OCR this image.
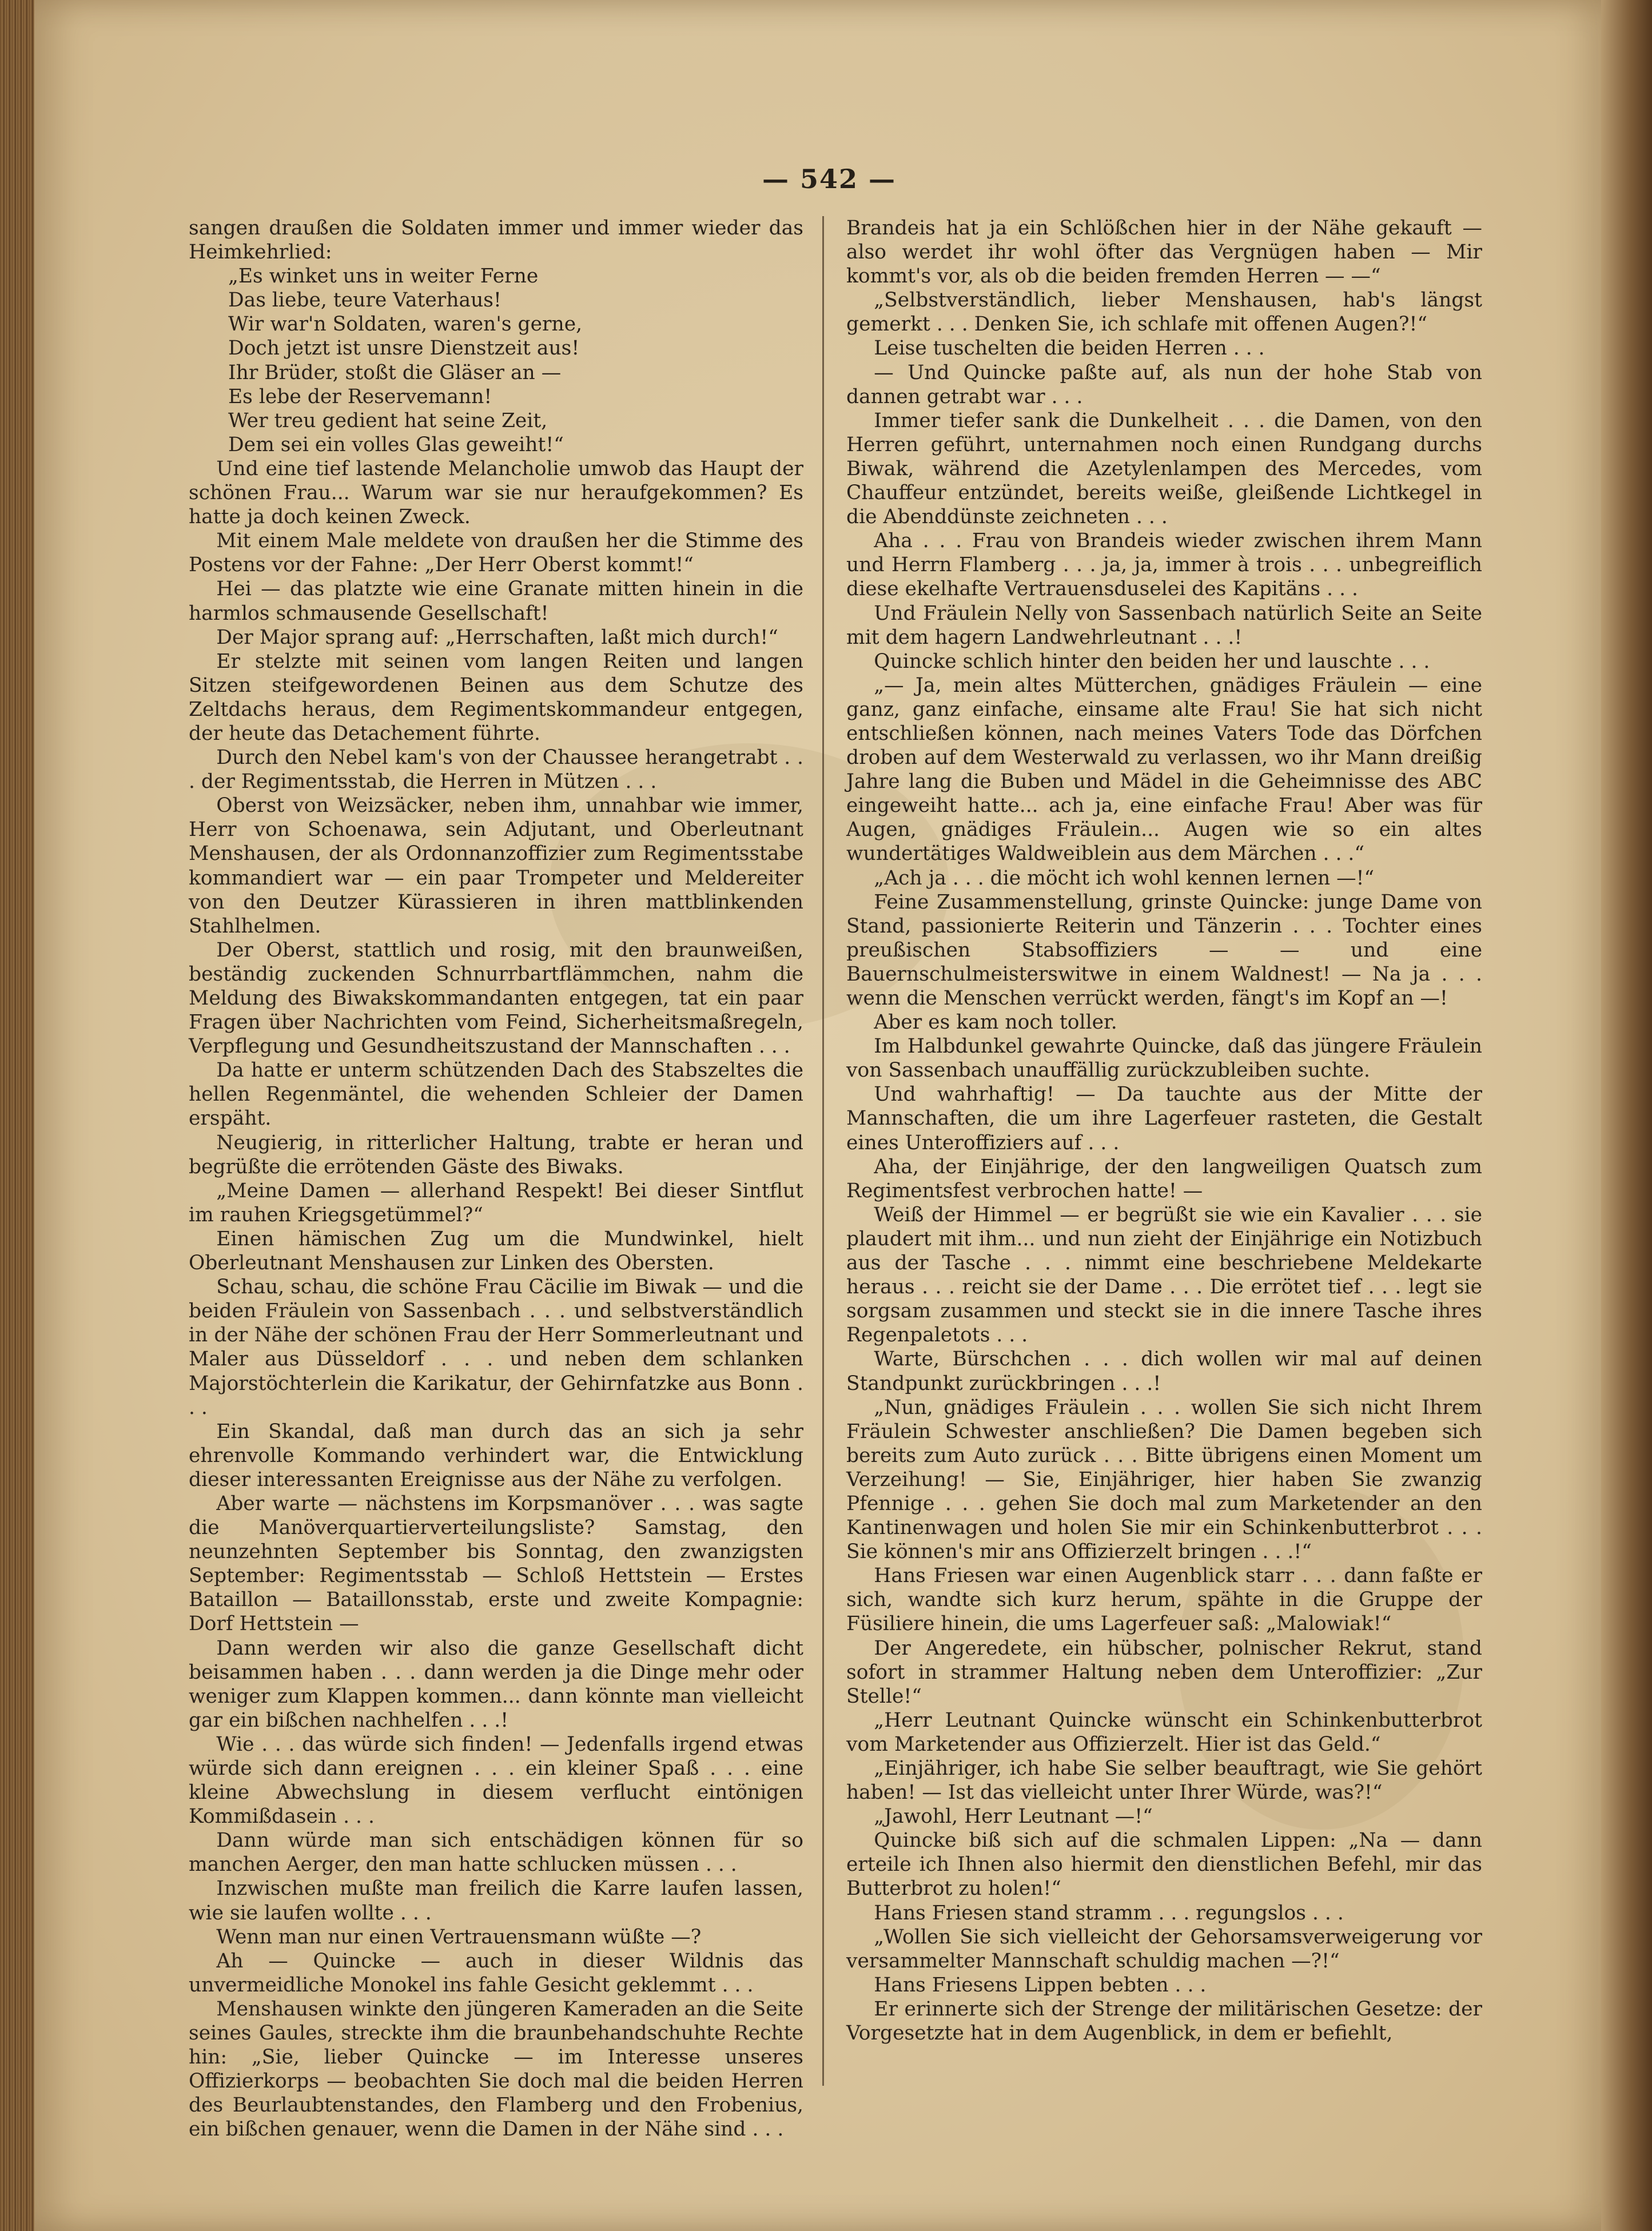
— 542 —

sangen draußen die Soldaten immer und immer wieder das Heimkehrlied:

„Es winket uns in weiter Ferne

Das liebe, teure Vaterhaus!

Wir war'n Soldaten, waren's gerne,

Doch jetzt ist unsre Dienstzeit aus!

Ihr Brüder, stoßt die Gläser an —

Es lebe der Reservemann!

Wer treu gedient hat seine Zeit,

Dem sei ein volles Glas geweiht!“

Und eine tief lastende Melancholie umwob das Haupt der schönen Frau... Warum war sie nur heraufgekommen? Es hatte ja doch keinen Zweck.

Mit einem Male meldete von draußen her die Stimme des Postens vor der Fahne: „Der Herr Oberst kommt!“

Hei — das platzte wie eine Granate mitten hinein in die harmlos schmausende Gesellschaft!

Der Major sprang auf: „Herrschaften, laßt mich durch!“

Er stelzte mit seinen vom langen Reiten und langen Sitzen steifgewordenen Beinen aus dem Schutze des Zeltdachs heraus, dem Regimentskommandeur entgegen, der heute das Detachement führte.

Durch den Nebel kam's von der Chaussee herangetrabt . . . der Regimentsstab, die Herren in Mützen . . .

Oberst von Weizsäcker, neben ihm, unnahbar wie immer, Herr von Schoenawa, sein Adjutant, und Oberleutnant Menshausen, der als Ordonnanzoffizier zum Regimentsstabe kommandiert war — ein paar Trompeter und Meldereiter von den Deutzer Kürassieren in ihren mattblinkenden Stahlhelmen.

Der Oberst, stattlich und rosig, mit den braunweißen, beständig zuckenden Schnurrbartflämmchen, nahm die Meldung des Biwakskommandanten entgegen, tat ein paar Fragen über Nachrichten vom Feind, Sicherheitsmaßregeln, Verpflegung und Gesundheitszustand der Mannschaften . . .

Da hatte er unterm schützenden Dach des Stabszeltes die hellen Regenmäntel, die wehenden Schleier der Damen erspäht.

Neugierig, in ritterlicher Haltung, trabte er heran und begrüßte die errötenden Gäste des Biwaks.

„Meine Damen — allerhand Respekt! Bei dieser Sintflut im rauhen Kriegsgetümmel?“

Einen hämischen Zug um die Mundwinkel, hielt Oberleutnant Menshausen zur Linken des Obersten.

Schau, schau, die schöne Frau Cäcilie im Biwak — und die beiden Fräulein von Sassenbach . . . und selbstverständlich in der Nähe der schönen Frau der Herr Sommerleutnant und Maler aus Düsseldorf . . . und neben dem schlanken Majorstöchterlein die Karikatur, der Gehirnfatzke aus Bonn . . .

Ein Skandal, daß man durch das an sich ja sehr ehrenvolle Kommando verhindert war, die Entwicklung dieser interessanten Ereignisse aus der Nähe zu verfolgen.

Aber warte — nächstens im Korpsmanöver . . . was sagte die Manöverquartierverteilungsliste? Samstag, den neunzehnten September bis Sonntag, den zwanzigsten September: Regimentsstab — Schloß Hettstein — Erstes Bataillon — Bataillonsstab, erste und zweite Kompagnie: Dorf Hettstein —

Dann werden wir also die ganze Gesellschaft dicht beisammen haben . . . dann werden ja die Dinge mehr oder weniger zum Klappen kommen... dann könnte man vielleicht gar ein bißchen nachhelfen . . .!

Wie . . . das würde sich finden! — Jedenfalls irgend etwas würde sich dann ereignen . . . ein kleiner Spaß . . . eine kleine Abwechslung in diesem verflucht eintönigen Kommißdasein . . .

Dann würde man sich entschädigen können für so manchen Aerger, den man hatte schlucken müssen . . .

Inzwischen mußte man freilich die Karre laufen lassen, wie sie laufen wollte . . .

Wenn man nur einen Vertrauensmann wüßte —?

Ah — Quincke — auch in dieser Wildnis das unvermeidliche Monokel ins fahle Gesicht geklemmt . . .

Menshausen winkte den jüngeren Kameraden an die Seite seines Gaules, streckte ihm die braunbehandschuhte Rechte hin: „Sie, lieber Quincke — im Interesse unseres Offizierkorps — beobachten Sie doch mal die beiden Herren des Beurlaubtenstandes, den Flamberg und den Frobenius, ein bißchen genauer, wenn die Damen in der Nähe sind . . .

Brandeis hat ja ein Schlößchen hier in der Nähe gekauft — also werdet ihr wohl öfter das Vergnügen haben — Mir kommt's vor, als ob die beiden fremden Herren — —“

„Selbstverständlich, lieber Menshausen, hab's längst gemerkt . . . Denken Sie, ich schlafe mit offenen Augen?!“

Leise tuschelten die beiden Herren . . .

— Und Quincke paßte auf, als nun der hohe Stab von dannen getrabt war . . .

Immer tiefer sank die Dunkelheit . . . die Damen, von den Herren geführt, unternahmen noch einen Rundgang durchs Biwak, während die Azetylenlampen des Mercedes, vom Chauffeur entzündet, bereits weiße, gleißende Lichtkegel in die Abenddünste zeichneten . . .

Aha . . . Frau von Brandeis wieder zwischen ihrem Mann und Herrn Flamberg . . . ja, ja, immer à trois . . . unbegreiflich diese ekelhafte Vertrauensduselei des Kapitäns . . .

Und Fräulein Nelly von Sassenbach natürlich Seite an Seite mit dem hagern Landwehrleutnant . . .!

Quincke schlich hinter den beiden her und lauschte . . .

„— Ja, mein altes Mütterchen, gnädiges Fräulein — eine ganz, ganz einfache, einsame alte Frau! Sie hat sich nicht entschließen können, nach meines Vaters Tode das Dörfchen droben auf dem Westerwald zu verlassen, wo ihr Mann dreißig Jahre lang die Buben und Mädel in die Geheimnisse des ABC eingeweiht hatte... ach ja, eine einfache Frau! Aber was für Augen, gnädiges Fräulein... Augen wie so ein altes wundertätiges Waldweiblein aus dem Märchen . . .“

„Ach ja . . . die möcht ich wohl kennen lernen —!“

Feine Zusammenstellung, grinste Quincke: junge Dame von Stand, passionierte Reiterin und Tänzerin . . . Tochter eines preußischen Stabsoffiziers — — und eine Bauernschulmeisterswitwe in einem Waldnest! — Na ja . . . wenn die Menschen verrückt werden, fängt's im Kopf an —!

Aber es kam noch toller.

Im Halbdunkel gewahrte Quincke, daß das jüngere Fräulein von Sassenbach unauffällig zurückzubleiben suchte.

Und wahrhaftig! — Da tauchte aus der Mitte der Mannschaften, die um ihre Lagerfeuer rasteten, die Gestalt eines Unteroffiziers auf . . .

Aha, der Einjährige, der den langweiligen Quatsch zum Regimentsfest verbrochen hatte! —

Weiß der Himmel — er begrüßt sie wie ein Kavalier . . . sie plaudert mit ihm... und nun zieht der Einjährige ein Notizbuch aus der Tasche . . . nimmt eine beschriebene Meldekarte heraus . . . reicht sie der Dame . . . Die errötet tief . . . legt sie sorgsam zusammen und steckt sie in die innere Tasche ihres Regenpaletots . . .

Warte, Bürschchen . . . dich wollen wir mal auf deinen Standpunkt zurückbringen . . .!

„Nun, gnädiges Fräulein . . . wollen Sie sich nicht Ihrem Fräulein Schwester anschließen? Die Damen begeben sich bereits zum Auto zurück . . . Bitte übrigens einen Moment um Verzeihung! — Sie, Einjähriger, hier haben Sie zwanzig Pfennige . . . gehen Sie doch mal zum Marketender an den Kantinenwagen und holen Sie mir ein Schinkenbutterbrot . . . Sie können's mir ans Offizierzelt bringen . . .!“

Hans Friesen war einen Augenblick starr . . . dann faßte er sich, wandte sich kurz herum, spähte in die Gruppe der Füsiliere hinein, die ums Lagerfeuer saß: „Malowiak!“

Der Angeredete, ein hübscher, polnischer Rekrut, stand sofort in strammer Haltung neben dem Unteroffizier: „Zur Stelle!“

„Herr Leutnant Quincke wünscht ein Schinkenbutterbrot vom Marketender aus Offizierzelt. Hier ist das Geld.“

„Einjähriger, ich habe Sie selber beauftragt, wie Sie gehört haben! — Ist das vielleicht unter Ihrer Würde, was?!“

„Jawohl, Herr Leutnant —!“

Quincke biß sich auf die schmalen Lippen: „Na — dann erteile ich Ihnen also hiermit den dienstlichen Befehl, mir das Butterbrot zu holen!“

Hans Friesen stand stramm . . . regungslos . . .

„Wollen Sie sich vielleicht der Gehorsamsverweigerung vor versammelter Mannschaft schuldig machen —?!“

Hans Friesens Lippen bebten . . .

Er erinnerte sich der Strenge der militärischen Gesetze: der Vorgesetzte hat in dem Augenblick, in dem er befiehlt,
